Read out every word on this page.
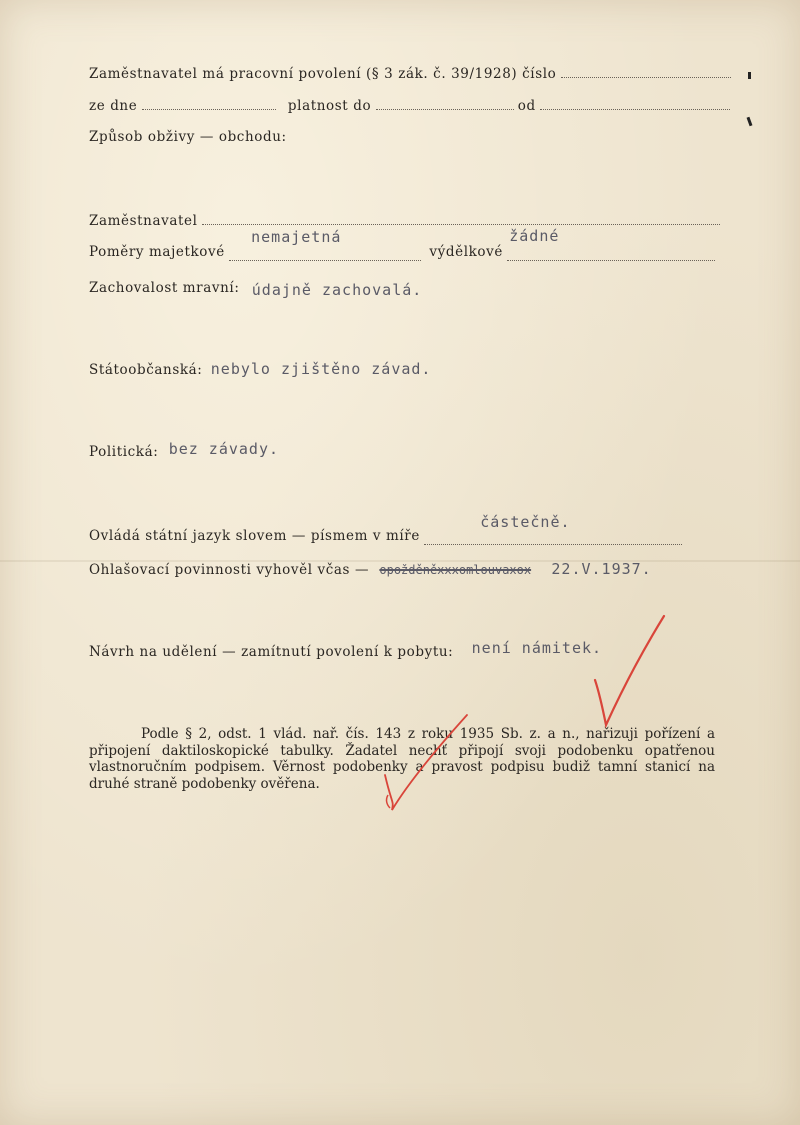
Zaměstnavatel má pracovní povolení (§ 3 zák. č. 39/1928) číslo
ze dne	platnost do	od
Způsob obživy — obchodu:
Zaměstnavatel
Poměry majetkové
nemajetná
výdělkové
žádné

Zachovalost mravní: údajně zachovalá.
Státoobčanská: nebylo zjištěno závad.
Politická: bez závady.
Ovládá státní jazyk slovem — písmem v míře
částečně.

Ohlašovací povinnosti vyhověl včas — opožděněxxxomlouvaxox 22.V.1937.
Návrh na udělení — zamítnutí povolení k pobytu: není námitek.
Podle § 2, odst. 1 vlád. nař. čís. 143 z roku 1935 Sb. z. a n., nařizuji pořízení a připojení daktiloskopické tabulky. Žadatel nechť připojí svoji podobenku opatřenou vlastnoručním podpisem. Věrnost podobenky a pravost podpisu budiž tamní stanicí na druhé straně podobenky ověřena.
